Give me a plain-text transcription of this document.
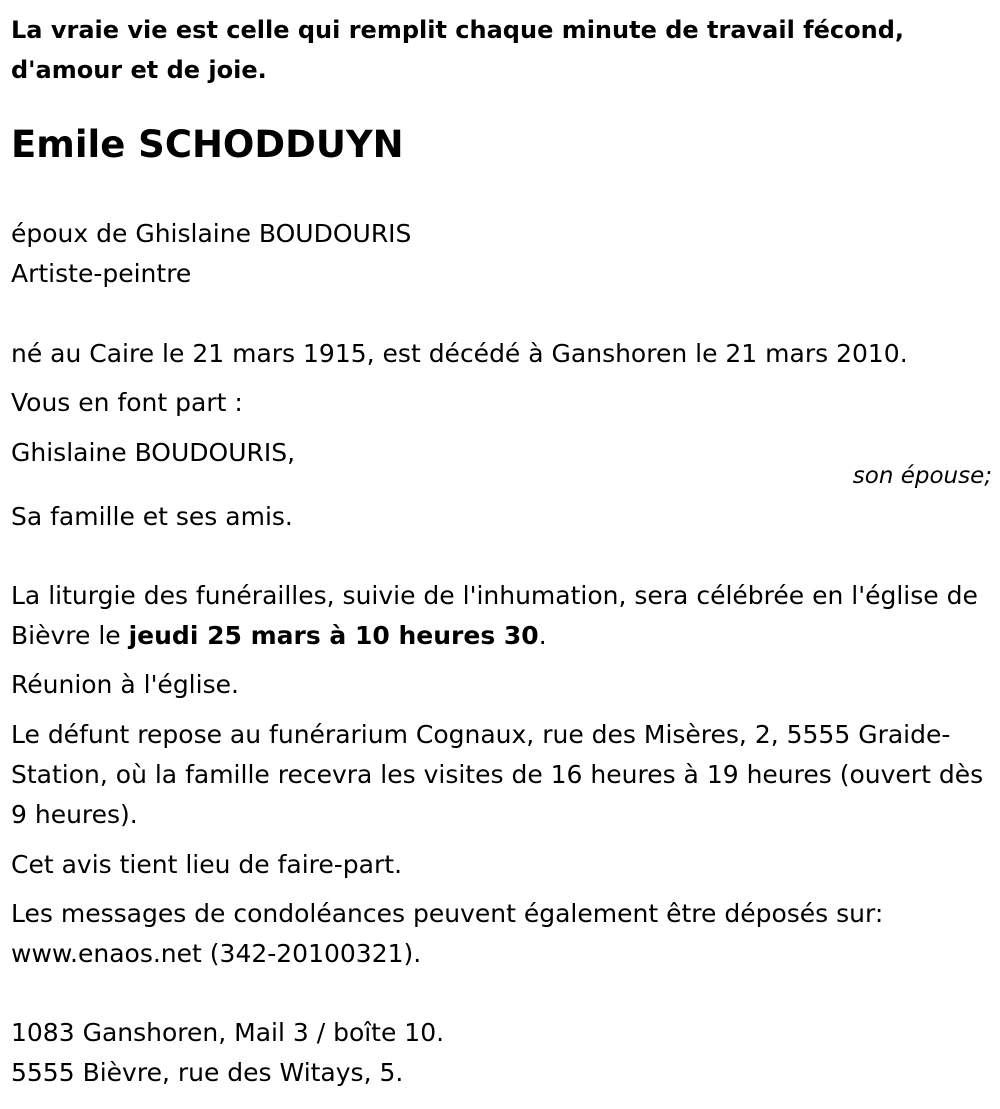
La vraie vie est celle qui remplit chaque minute de travail fécond, d'amour et de joie.

Emile SCHODDUYN

époux de Ghislaine BOUDOURIS

Artiste-peintre

né au Caire le 21 mars 1915, est décédé à Ganshoren le 21 mars 2010.

Vous en font part :

Ghislaine BOUDOURIS,

son épouse;

Sa famille et ses amis.

La liturgie des funérailles, suivie de l'inhumation, sera célébrée en l'église de Bièvre le jeudi 25 mars à 10 heures 30.

Réunion à l'église.

Le défunt repose au funérarium Cognaux, rue des Misères, 2, 5555 Graide-Station, où la famille recevra les visites de 16 heures à 19 heures (ouvert dès 9 heures).

Cet avis tient lieu de faire-part.

Les messages de condoléances peuvent également être déposés sur: www.enaos.net (342-20100321).

1083 Ganshoren, Mail 3 / boîte 10.

5555 Bièvre, rue des Witays, 5.
